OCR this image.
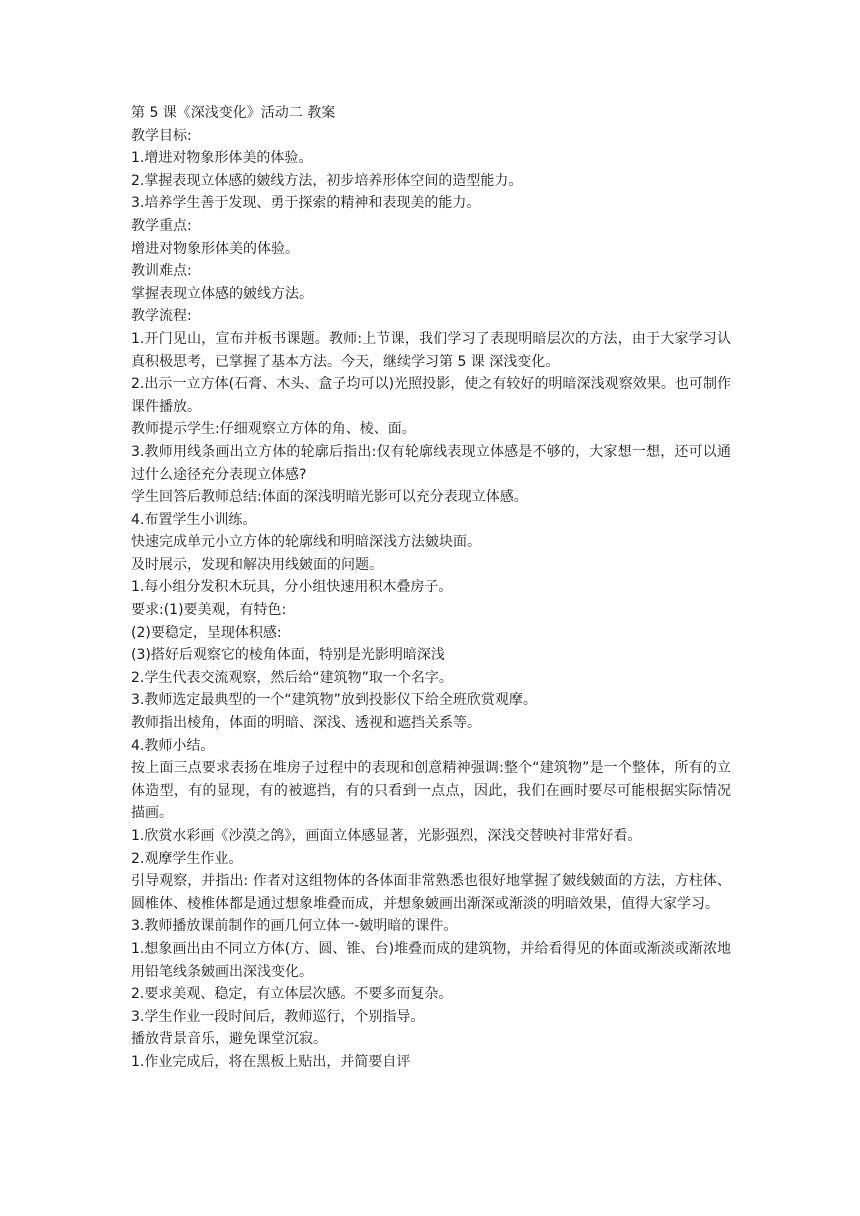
第 5 课《深浅变化》活动二 教案

教学目标:

1.增进对物象形体美的体验。

2.掌握表现立体感的皴线方法，初步培养形体空间的造型能力。

3.培养学生善于发现、勇于探索的精神和表现美的能力。

教学重点:

增进对物象形体美的体验。

教训难点:

掌握表现立体感的皴线方法。

教学流程:

1.开门见山，宣布并板书课题。教师:上节课，我们学习了表现明暗层次的方法，由于大家学习认真积极思考，已掌握了基本方法。今天，继续学习第 5 课 深浅变化。

2.出示一立方体(石膏、木头、盒子均可以)光照投影，使之有较好的明暗深浅观察效果。也可制作课件播放。

教师提示学生:仔细观察立方体的角、棱、面。

3.教师用线条画出立方体的轮廓后指出:仅有轮廓线表现立体感是不够的，大家想一想，还可以通过什么途径充分表现立体感?

学生回答后教师总结:体面的深浅明暗光影可以充分表现立体感。

4.布置学生小训练。

快速完成单元小立方体的轮廓线和明暗深浅方法皴块面。

及时展示，发现和解决用线皴面的问题。

1.每小组分发积木玩具，分小组快速用积木叠房子。

要求:(1)要美观，有特色:

(2)要稳定，呈现体积感:

(3)搭好后观察它的棱角体面，特别是光影明暗深浅

2.学生代表交流观察，然后给“建筑物”取一个名字。

3.教师选定最典型的一个“建筑物”放到投影仪下给全班欣赏观摩。

教师指出棱角，体面的明暗、深浅、透视和遮挡关系等。

4.教师小结。

按上面三点要求表扬在堆房子过程中的表现和创意精神强调:整个“建筑物”是一个整体，所有的立体造型，有的显现，有的被遮挡，有的只看到一点点，因此，我们在画时要尽可能根据实际情况描画。

1.欣赏水彩画《沙漠之鸽》，画面立体感显著，光影强烈，深浅交替映衬非常好看。

2.观摩学生作业。

引导观察，并指出: 作者对这组物体的各体面非常熟悉也很好地掌握了皴线皴面的方法，方柱体、圆椎体、棱椎体都是通过想象堆叠而成，并想象皴画出渐深或渐淡的明暗效果，值得大家学习。

3.教师播放课前制作的画几何立体一-皴明暗的课件。

1.想象画出由不同立方体(方、圆、锥、台)堆叠而成的建筑物，并给看得见的体面或渐淡或渐浓地用铅笔线条皴画出深浅变化。

2.要求美观、稳定，有立体层次感。不要多而复杂。

3.学生作业一段时间后，教师巡行，个别指导。

播放背景音乐，避免课堂沉寂。

1.作业完成后，将在黑板上贴出，并简要自评
